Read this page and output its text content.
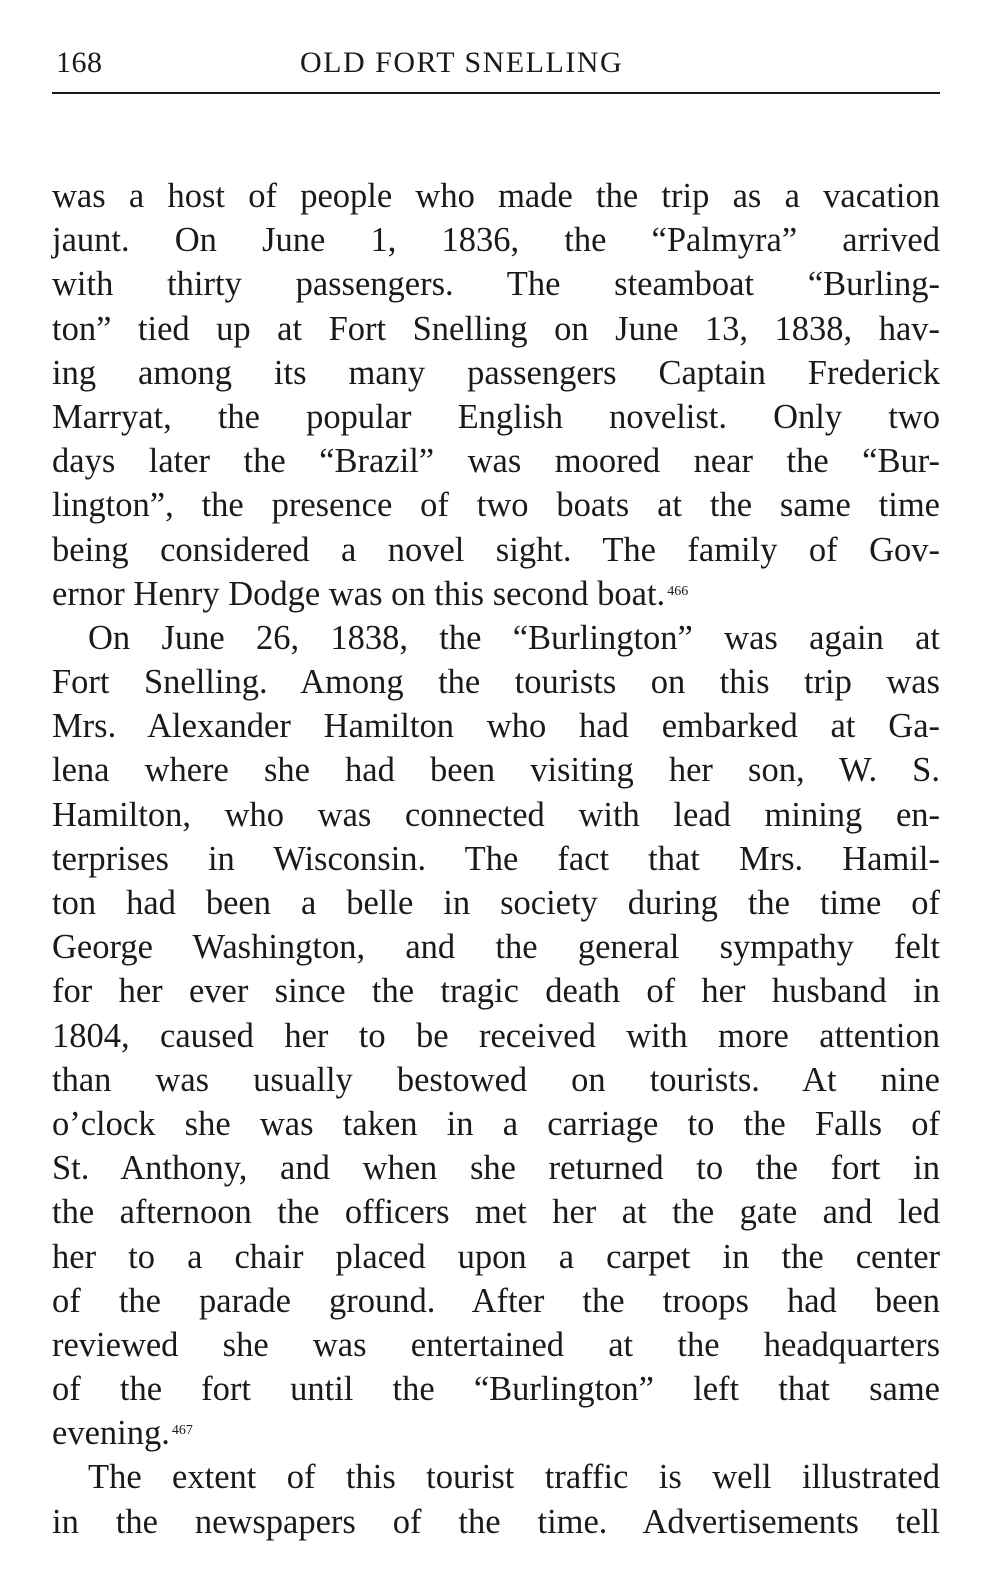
168	OLD FORT SNELLING
was a host of people who made the trip as a vacation
jaunt. On June 1, 1836, the “Palmyra” arrived
with thirty passengers. The steamboat “Burling-
ton” tied up at Fort Snelling on June 13, 1838, hav-
ing among its many passengers Captain Frederick
Marryat, the popular English novelist. Only two
days later the “Brazil” was moored near the “Bur-
lington”, the presence of two boats at the same time
being considered a novel sight. The family of Gov-
ernor Henry Dodge was on this second boat. $^{466}$
On June 26, 1838, the “Burlington” was again at
Fort Snelling. Among the tourists on this trip was
Mrs. Alexander Hamilton who had embarked at Ga-
lena where she had been visiting her son, W. S.
Hamilton, who was connected with lead mining en-
terprises in Wisconsin. The fact that Mrs. Hamil-
ton had been a belle in society during the time of
George Washington, and the general sympathy felt
for her ever since the tragic death of her husband in
1804, caused her to be received with more attention
than was usually bestowed on tourists. At nine
o’clock she was taken in a carriage to the Falls of
St. Anthony, and when she returned to the fort in
the afternoon the officers met her at the gate and led
her to a chair placed upon a carpet in the center
of the parade ground. After the troops had been
reviewed she was entertained at the headquarters
of the fort until the “Burlington” left that same
evening. $^{467}$
The extent of this tourist traffic is well illustrated
in the newspapers of the time. Advertisements tell
